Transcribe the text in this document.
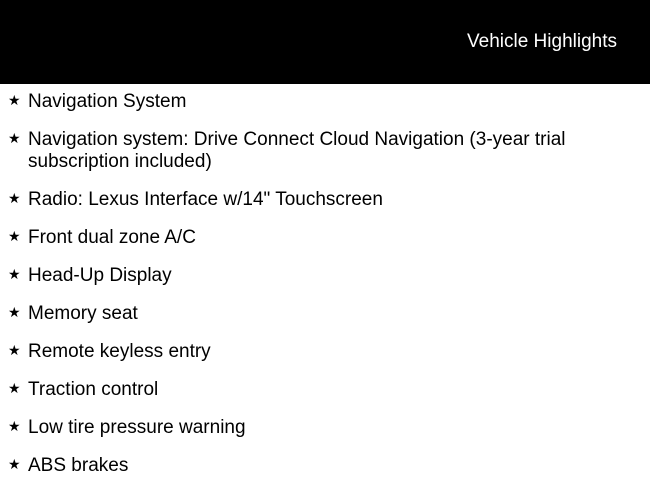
Vehicle Highlights
★ Navigation System
★ Navigation system: Drive Connect Cloud Navigation (3-year trial subscription included)
★ Radio: Lexus Interface w/14" Touchscreen
★ Front dual zone A/C
★ Head-Up Display
★ Memory seat
★ Remote keyless entry
★ Traction control
★ Low tire pressure warning
★ ABS brakes
